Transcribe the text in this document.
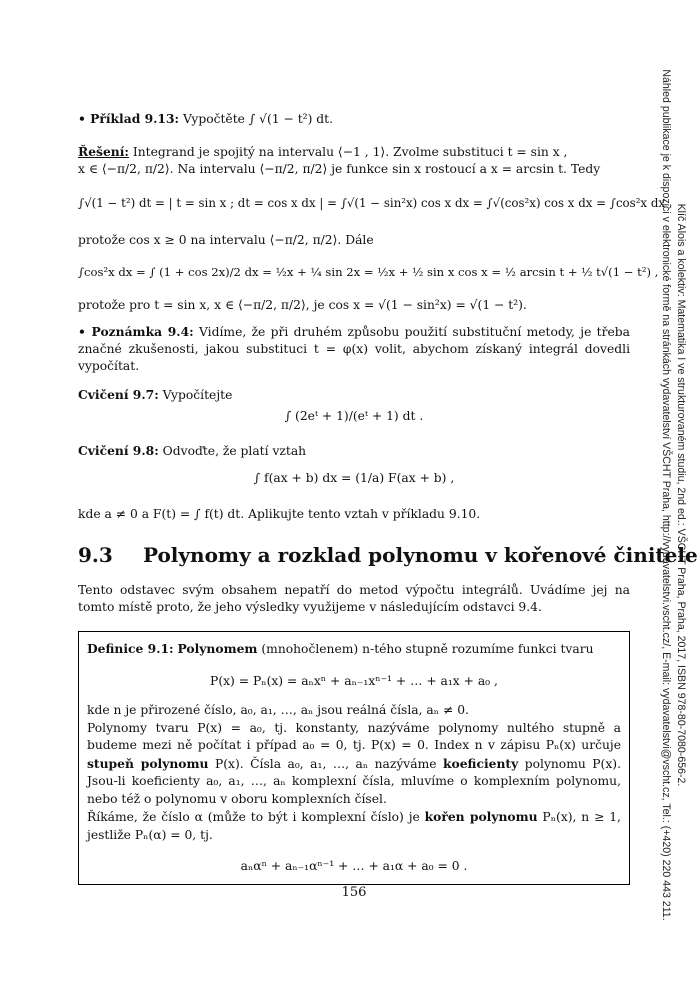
Klíč Alois a kolektiv: Matematika I ve strukturovaném studiu, 2nd ed.: VŠCHT Praha, Praha, 2017, ISBN 978-80-7080-656-2.
Náhled publikace je k dispozici v elektronické formě na stránkách vydavatelství VŠCHT Praha, http://vydavatelstvi.vscht.cz/, E-mail: vydavatelstvi@vscht.cz, Tel.: (+420) 220 443 211.
• Příklad 9.13: Vypočtěte ∫ √(1 − t²) dt.
Řešení: Integrand je spojitý na intervalu ⟨−1 , 1⟩. Zvolme substituci t = sin x ,
x ∈ ⟨−π/2, π/2⟩. Na intervalu ⟨−π/2, π/2⟩ je funkce sin x rostoucí a x = arcsin t. Tedy
∫√(1 − t²) dt = | t = sin x ; dt = cos x dx | = ∫√(1 − sin²x) cos x dx = ∫√(cos²x) cos x dx = ∫cos²x dx ,
protože cos x ≥ 0 na intervalu ⟨−π/2, π/2⟩. Dále
∫cos²x dx = ∫ (1 + cos 2x)/2 dx = ½x + ¼ sin 2x = ½x + ½ sin x cos x = ½ arcsin t + ½ t√(1 − t²) ,
protože pro t = sin x, x ∈ ⟨−π/2, π/2⟩, je cos x = √(1 − sin²x) = √(1 − t²).
• Poznámka 9.4: Vidíme, že při druhém způsobu použití substituční metody, je třeba značné zkušenosti, jakou substituci t = φ(x) volit, abychom získaný integrál dovedli vypočítat.
Cvičení 9.7: Vypočítejte
∫ (2eᵗ + 1)/(eᵗ + 1) dt .
Cvičení 9.8: Odvoďte, že platí vztah
∫ f(ax + b) dx = (1/a) F(ax + b) ,
kde a ≠ 0 a F(t) = ∫ f(t) dt. Aplikujte tento vztah v příkladu 9.10.
9.3 Polynomy a rozklad polynomu v kořenové činitele
Tento odstavec svým obsahem nepatří do metod výpočtu integrálů. Uvádíme jej na tomto místě proto, že jeho výsledky využijeme v následujícím odstavci 9.4.
Definice 9.1: Polynomem (mnohočlenem) n-tého stupně rozumíme funkci tvaru
P(x) = Pₙ(x) = aₙxⁿ + aₙ₋₁xⁿ⁻¹ + … + a₁x + a₀ ,
kde n je přirozené číslo, a₀, a₁, …, aₙ jsou reálná čísla, aₙ ≠ 0.
Polynomy tvaru P(x) = a₀, tj. konstanty, nazýváme polynomy nultého stupně a budeme mezi ně počítat i případ a₀ = 0, tj. P(x) = 0. Index n v zápisu Pₙ(x) určuje stupeň polynomu P(x). Čísla a₀, a₁, …, aₙ nazýváme koeficienty polynomu P(x). Jsou-li koeficienty a₀, a₁, …, aₙ komplexní čísla, mluvíme o komplexním polynomu, nebo též o polynomu v oboru komplexních čísel.
Říkáme, že číslo α (může to být i komplexní číslo) je kořen polynomu Pₙ(x), n ≥ 1, jestliže Pₙ(α) = 0, tj.
aₙαⁿ + aₙ₋₁αⁿ⁻¹ + … + a₁α + a₀ = 0 .
156
